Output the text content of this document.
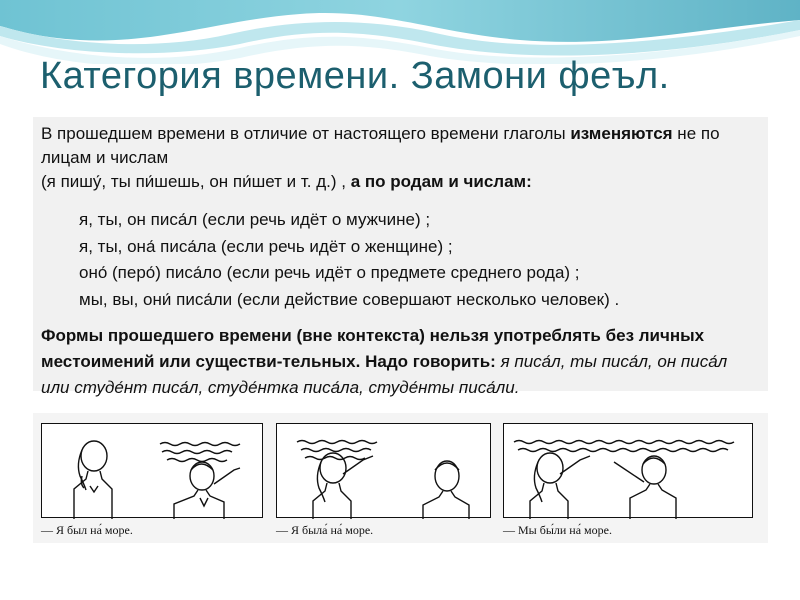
Категория времени. Замони феъл.

В прошедшем времени в отличие от настоящего времени глаголы изменяются не по лицам и числам
(я пишу́, ты пи́шешь, он пи́шет и т. д.) , а по родам и числам:

я, ты, он писа́л (если речь идёт о мужчине) ;

я, ты, она́ писа́ла (если речь идёт о женщине) ;

оно́ (перо́) писа́ло (если речь идёт о предмете среднего рода) ;

мы, вы, они́ писа́ли (если действие совершают несколько человек) .

Формы прошедшего времени (вне контекста) нельзя употреблять без личных местоимений или существи-тельных. Надо говорить: я писа́л, ты писа́л, он писа́л или студе́нт писа́л, студе́нтка писа́ла, студе́нты писа́ли.

— Я был на́ море.	— Я была́ на́ море.	— Мы бы́ли на́ море.
